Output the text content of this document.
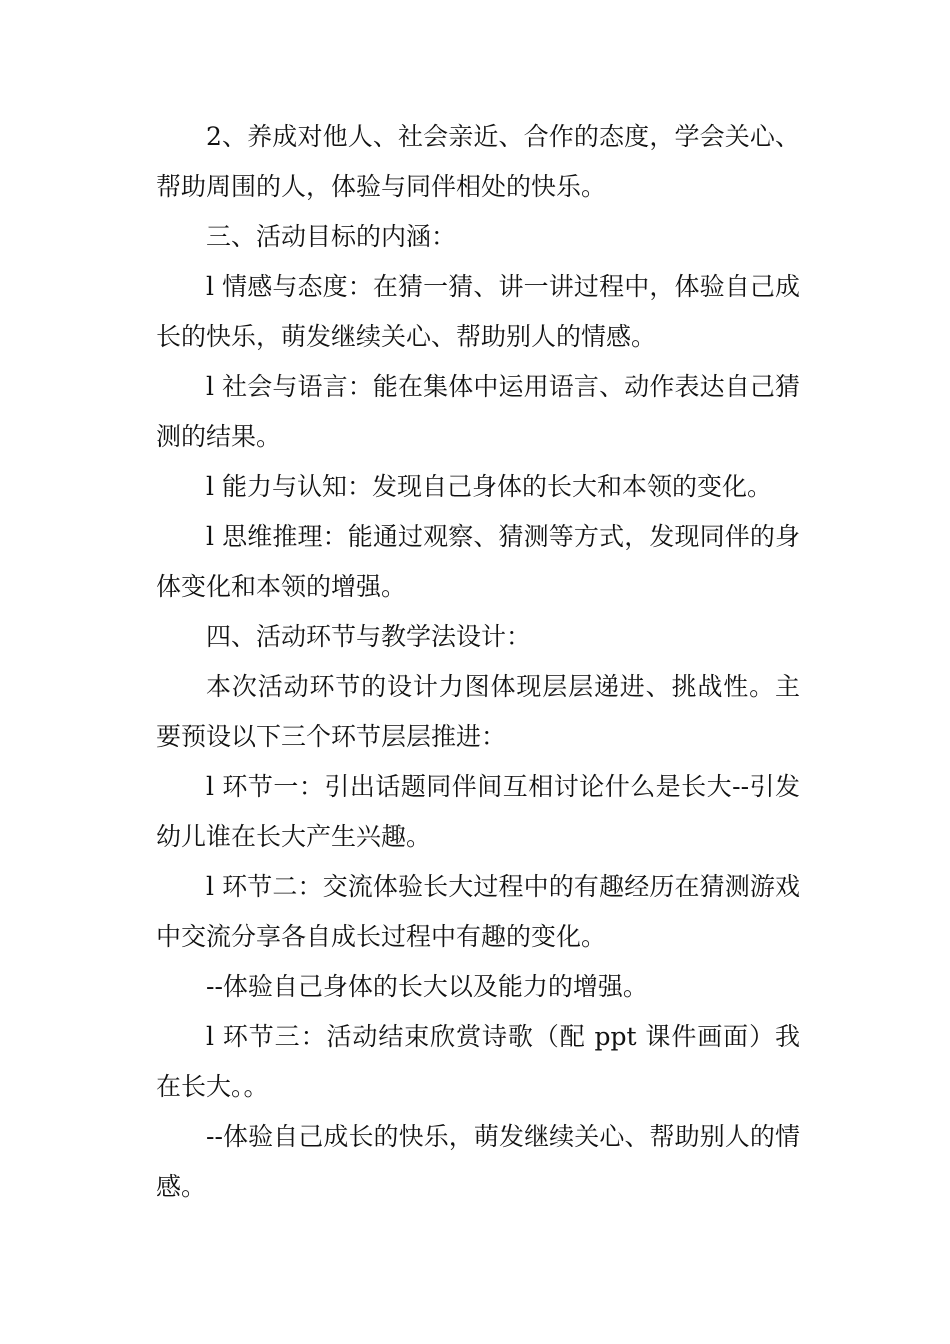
2、养成对他人、社会亲近、合作的态度，学会关心、帮助周围的人，体验与同伴相处的快乐。

三、活动目标的内涵：

l 情感与态度：在猜一猜、讲一讲过程中，体验自己成长的快乐，萌发继续关心、帮助别人的情感。

l 社会与语言：能在集体中运用语言、动作表达自己猜测的结果。

l 能力与认知：发现自己身体的长大和本领的变化。

l 思维推理：能通过观察、猜测等方式，发现同伴的身体变化和本领的增强。

四、活动环节与教学法设计：

本次活动环节的设计力图体现层层递进、挑战性。主要预设以下三个环节层层推进：

l 环节一：引出话题同伴间互相讨论什么是长大--引发幼儿谁在长大产生兴趣。

l 环节二：交流体验长大过程中的有趣经历在猜测游戏中交流分享各自成长过程中有趣的变化。

--体验自己身体的长大以及能力的增强。

l 环节三：活动结束欣赏诗歌（配 ppt 课件画面）我在长大。。

--体验自己成长的快乐，萌发继续关心、帮助别人的情感。
